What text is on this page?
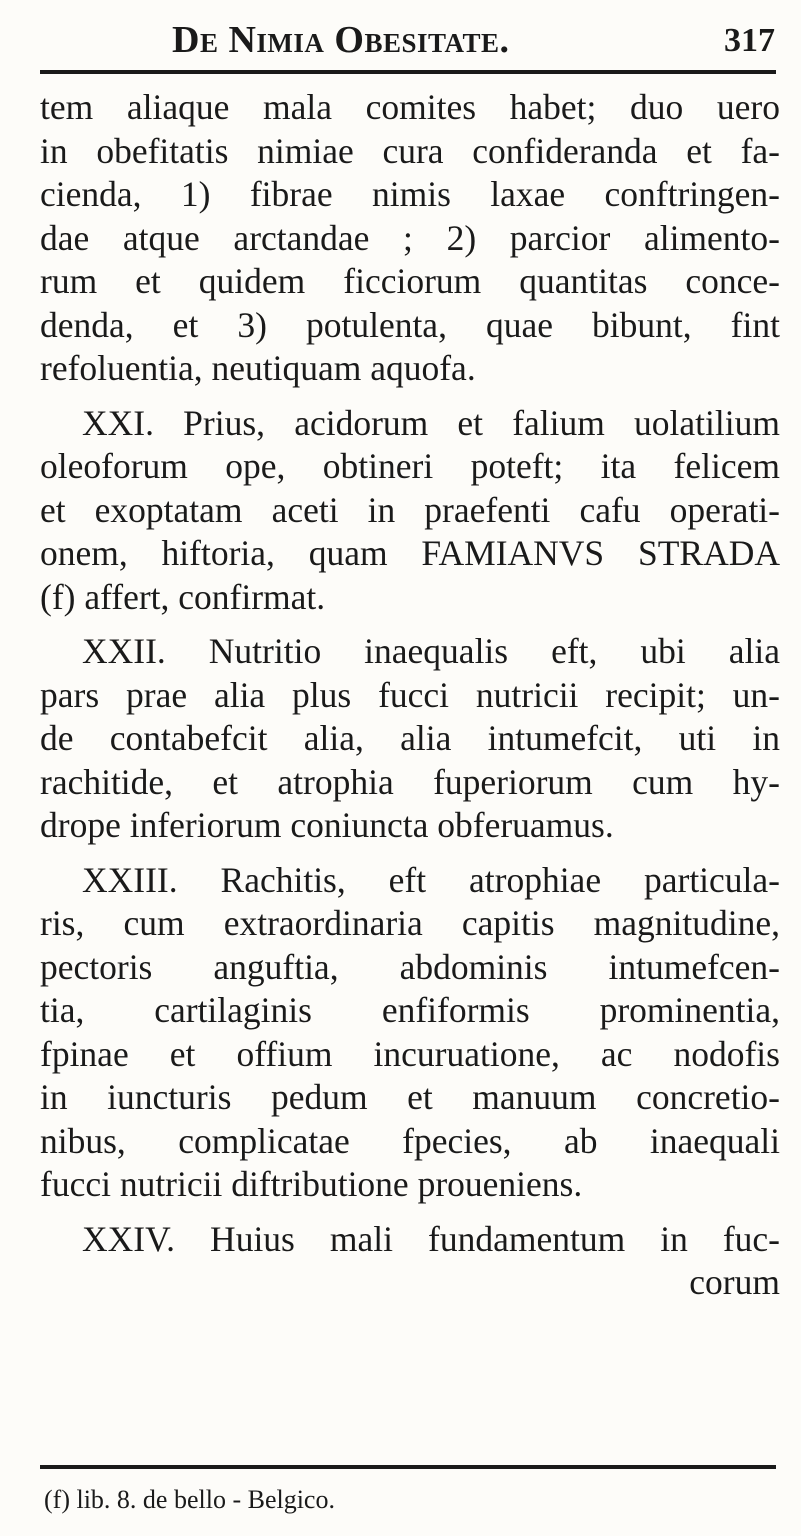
De Nimia Obesitate.	317
tem aliaque mala comites habet; duo uero
in obefitatis nimiae cura confideranda et fa-
cienda, 1) fibrae nimis laxae conftringen-
dae atque arctandae ; 2) parcior alimento-
rum et quidem ficciorum quantitas conce-
denda, et 3) potulenta, quae bibunt, fint
refoluentia, neutiquam aquofa.
XXI. Prius, acidorum et falium uolatilium
oleoforum ope, obtineri poteft; ita felicem
et exoptatam aceti in praefenti cafu operati-
onem, hiftoria, quam FAMIANVS STRADA
(f) affert, confirmat.
XXII. Nutritio inaequalis eft, ubi alia
pars prae alia plus fucci nutricii recipit; un-
de contabefcit alia, alia intumefcit, uti in
rachitide, et atrophia fuperiorum cum hy-
drope inferiorum coniuncta obferuamus.
XXIII. Rachitis, eft atrophiae particula-
ris, cum extraordinaria capitis magnitudine,
pectoris anguftia, abdominis intumefcen-
tia, cartilaginis enfiformis prominentia,
fpinae et offium incuruatione, ac nodofis
in iuncturis pedum et manuum concretio-
nibus, complicatae fpecies, ab inaequali
fucci nutricii diftributione proueniens.
XXIV. Huius mali fundamentum in fuc-
corum
(f) lib. 8. de bello - Belgico.
